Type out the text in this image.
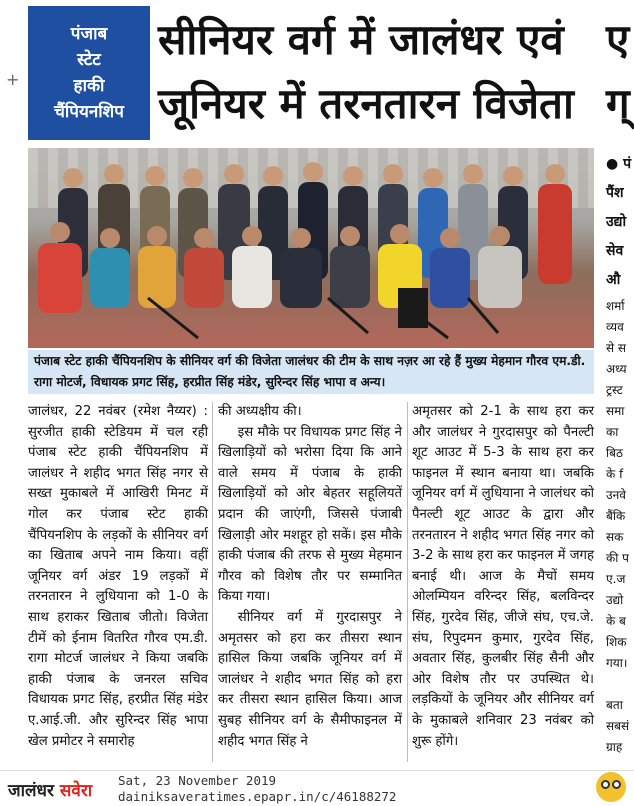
+
पंजाब
स्टेट
हाकी
चैंपियनशिप
सीनियर वर्ग में जालंधर एवं
जूनियर में तरनतारन विजेता
ए
ग्
पंजाब स्टेट हाकी चैंपियनशिप के सीनियर वर्ग की विजेता जालंधर की टीम के साथ नज़र आ रहे हैं मुख्य मेहमान गौरव एम.डी. रागा मोटर्ज, विधायक प्रगट सिंह, हरप्रीत सिंह मंडेर, सुरिन्दर सिंह भापा व अन्य।

जालंधर, 22 नवंबर (रमेश नैय्यर) : सुरजीत हाकी स्टेडियम में चल रही पंजाब स्टेट हाकी चैंपियनशिप में जालंधर ने शहीद भगत सिंह नगर से सख्त मुकाबले में आखिरी मिनट में गोल कर पंजाब स्टेट हाकी चैंपियनशिप के लड़कों के सीनियर वर्ग का खिताब अपने नाम किया। वहीं जूनियर वर्ग अंडर 19 लड़कों में तरनतारन ने लुधियाना को 1-0 के साथ हराकर खिताब जीतो। विजेता टीमें को ईनाम वितरित गौरव एम.डी. रागा मोटर्ज जालंधर ने किया जबकि हाकी पंजाब के जनरल सचिव विधायक प्रगट सिंह, हरप्रीत सिंह मंडेर ए.आई.जी. और सुरिन्दर सिंह भापा खेल प्रमोटर ने समारोह

की अध्यक्षीय की।

इस मौके पर विधायक प्रगट सिंह ने खिलाड़ियों को भरोसा दिया कि आने वाले समय में पंजाब के हाकी खिलाड़ियों को ओर बेहतर सहूलियतें प्रदान की जाएंगी, जिससे पंजाबी खिलाड़ी ओर मशहूर हो सकें। इस मौके हाकी पंजाब की तरफ से मुख्य मेहमान गौरव को विशेष तौर पर सम्मानित किया गया।

सीनियर वर्ग में गुरदासपुर ने अमृतसर को हरा कर तीसरा स्थान हासिल किया जबकि जूनियर वर्ग में जालंधर ने शहीद भगत सिंह को हरा कर तीसरा स्थान हासिल किया। आज सुबह सीनियर वर्ग के सैमीफाइनल में शहीद भगत सिंह ने

अमृतसर को 2-1 के साथ हरा कर और जालंधर ने गुरदासपुर को पैनल्टी शूट आउट में 5-3 के साथ हरा कर फाइनल में स्थान बनाया था। जबकि जूनियर वर्ग में लुधियाना ने जालंधर को पैनल्टी शूट आउट के द्वारा और तरनतारन ने शहीद भगत सिंह नगर को 3-2 के साथ हरा कर फाइनल में जगह बनाई थी। आज के मैचों समय ओलम्पियन वरिन्दर सिंह, बलविन्दर सिंह, गुरदेव सिंह, जीजे संघ, एच.जे. संघ, रिपुदमन कुमार, गुरदेव सिंह, अवतार सिंह, कुलबीर सिंह सैनी और ओर विशेष तौर पर उपस्थित थे। लड़कियों के जूनियर और सीनियर वर्ग के मुकाबले शनिवार 23 नवंबर को शुरू होंगे।

● पं

पैंश

उद्यो

सेव

औ

शर्मा

व्यव

से स

अध्य

ट्रस्ट

समा

का

बिठ

के f

उनवे

बैंकि

सक

की प

ए.ज

उद्यो

के ब

शिक

गया।

बता

सबसं

ग्राह

जालंधर सवेरा
Sat, 23 November 2019
dainiksaveratimes.epapr.in/c/46188272
